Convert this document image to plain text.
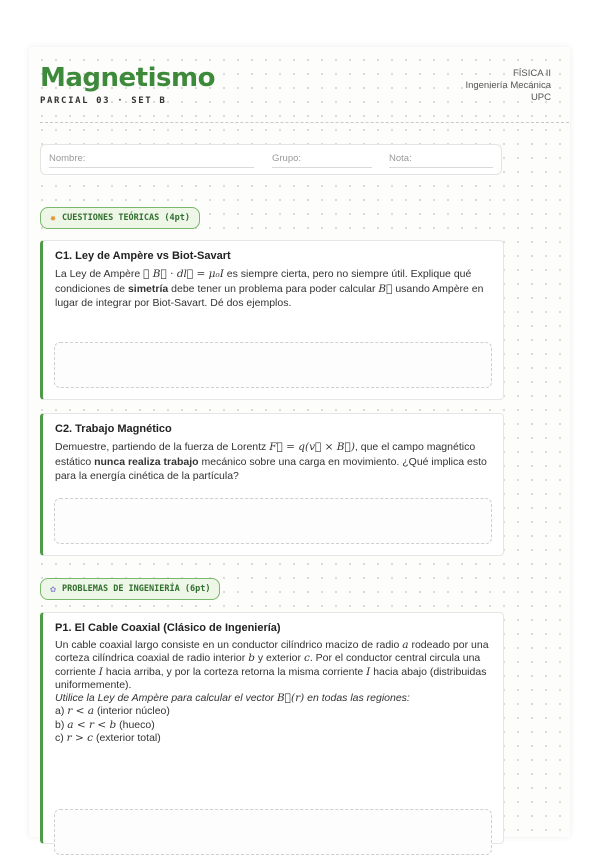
Magnetismo
PARCIAL 03 · SET B
FÍSICA II
Ingeniería Mecánica
UPC
Nombre:	Grupo:	Nota:
✸ CUESTIONES TEÓRICAS (4pt)
C1. Ley de Ampère vs Biot-Savart
La Ley de Ampère ∮ B⃗ · dl⃗ = μ₀I es siempre cierta, pero no siempre útil. Explique qué condiciones de simetría debe tener un problema para poder calcular B⃗ usando Ampère en lugar de integrar por Biot-Savart. Dé dos ejemplos.
C2. Trabajo Magnético
Demuestre, partiendo de la fuerza de Lorentz F⃗ = q(v⃗ × B⃗), que el campo magnético estático nunca realiza trabajo mecánico sobre una carga en movimiento. ¿Qué implica esto para la energía cinética de la partícula?
✿ PROBLEMAS DE INGENIERÍA (6pt)
P1. El Cable Coaxial (Clásico de Ingeniería)
Un cable coaxial largo consiste en un conductor cilíndrico macizo de radio a rodeado por una corteza cilíndrica coaxial de radio interior b y exterior c. Por el conductor central circula una corriente I hacia arriba, y por la corteza retorna la misma corriente I hacia abajo (distribuidas uniformemente).
Utilice la Ley de Ampère para calcular el vector B⃗(r) en todas las regiones:
a) r < a (interior núcleo)
b) a < r < b (hueco)
c) r > c (exterior total)
